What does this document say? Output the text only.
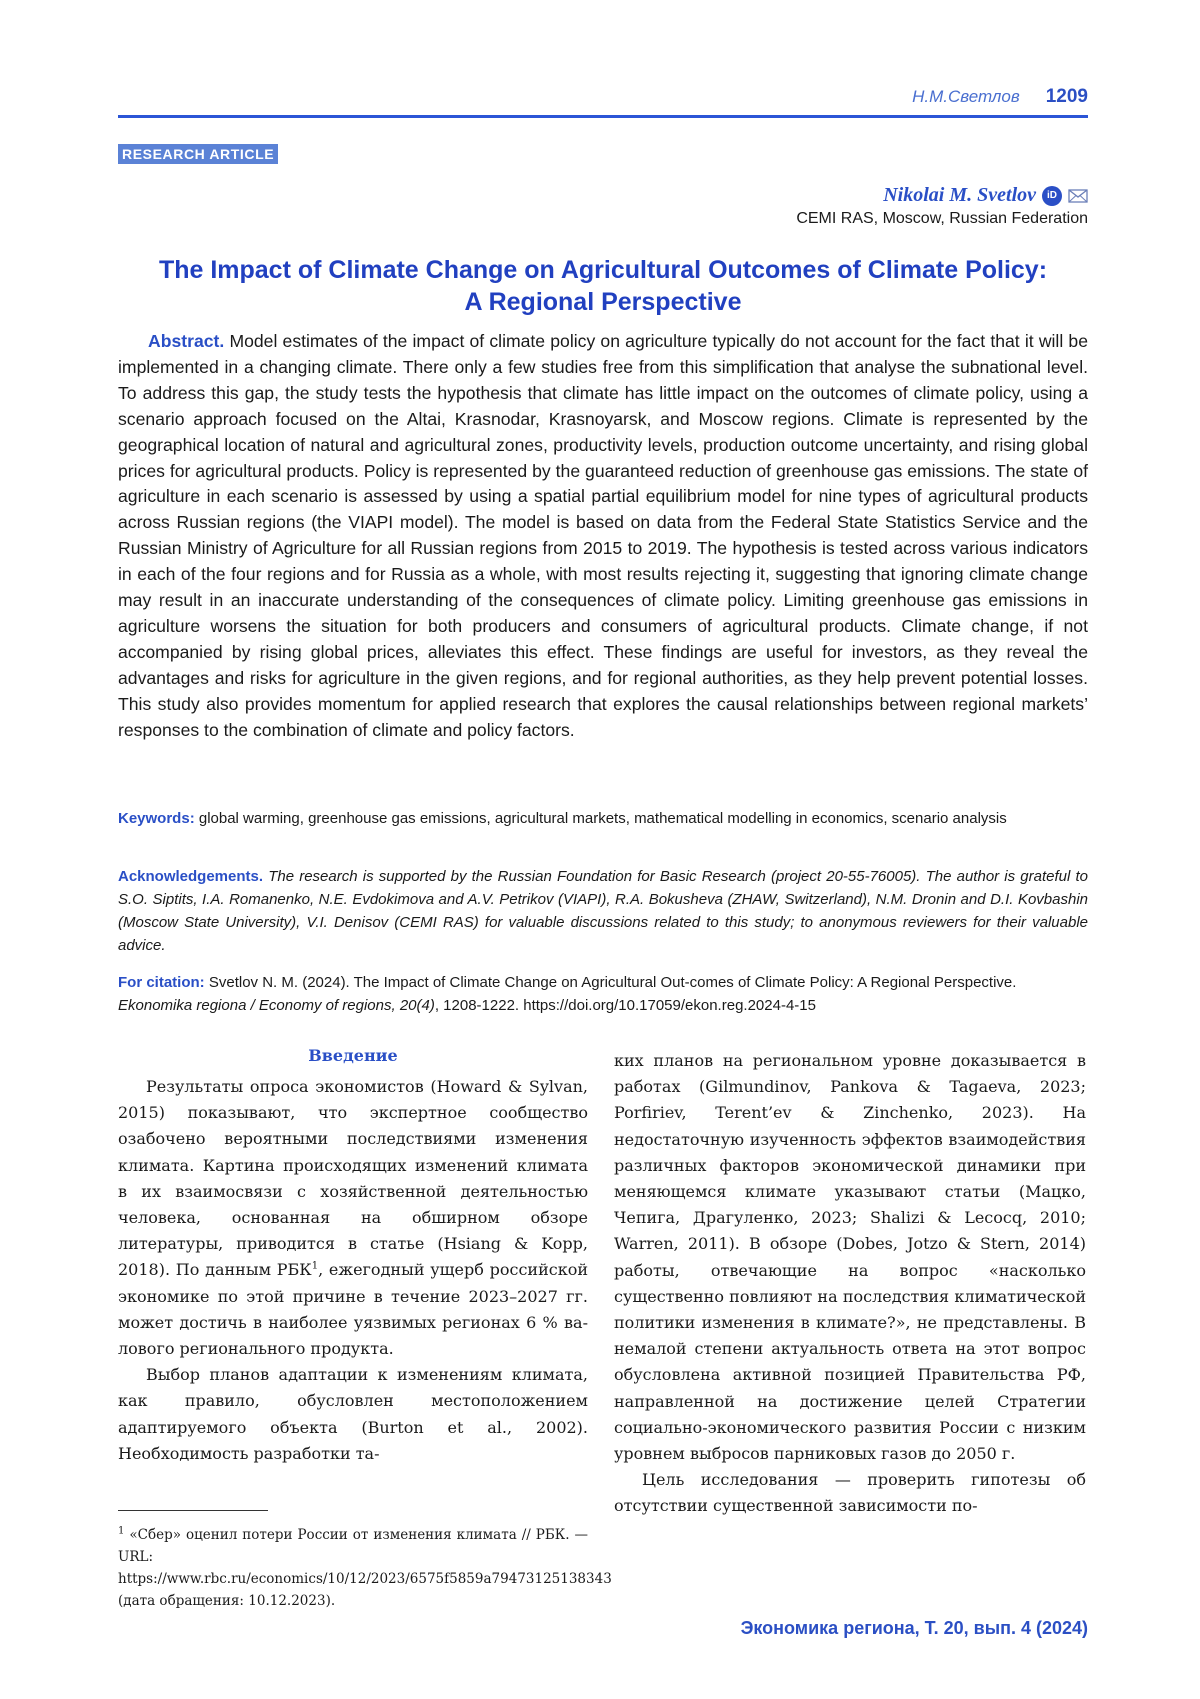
Н.М.Светлов 1209
RESEARCH ARTICLE
Nikolai M. Svetlov	iD
CEMI RAS, Moscow, Russian Federation
The Impact of Climate Change on Agricultural Outcomes of Climate Policy:
A Regional Perspective

Abstract. Model estimates of the impact of climate policy on agriculture typically do not account for the fact that it will be implemented in a changing climate. There only a few studies free from this simplification that analyse the subnational level. To address this gap, the study tests the hypothesis that climate has little impact on the outcomes of climate policy, using a scenario approach focused on the Altai, Krasnodar, Krasnoyarsk, and Moscow regions. Climate is represented by the geographical location of natural and agricultural zones, productivity levels, production outcome uncertainty, and rising global prices for agricultural products. Policy is represented by the guaranteed reduction of greenhouse gas emissions. The state of agriculture in each scenario is assessed by using a spatial partial equilibrium model for nine types of agricultural products across Russian regions (the VIAPI model). The model is based on data from the Federal State Statistics Service and the Russian Ministry of Agriculture for all Russian regions from 2015 to 2019. The hypothesis is tested across various indicators in each of the four regions and for Russia as a whole, with most results rejecting it, suggesting that ignoring climate change may result in an inaccurate understanding of the consequences of climate policy. Limiting greenhouse gas emissions in agriculture worsens the situation for both producers and consumers of agricultural products. Climate change, if not accompanied by rising global prices, alleviates this effect. These findings are useful for investors, as they reveal the advantages and risks for agriculture in the given regions, and for regional authorities, as they help prevent potential losses. This study also provides momentum for applied research that explores the causal relationships between regional markets’ responses to the combination of climate and policy factors.

Keywords: global warming, greenhouse gas emissions, agricultural markets, mathematical modelling in economics, scenario analysis

Acknowledgements. The research is supported by the Russian Foundation for Basic Research (project 20-55-76005). The author is grateful to S.O. Siptits, I.A. Romanenko, N.E. Evdokimova and A.V. Petrikov (VIAPI), R.A. Bokusheva (ZHAW, Switzerland), N.M. Dronin and D.I. Kovbashin (Moscow State University), V.I. Denisov (CEMI RAS) for valuable discussions related to this study; to anonymous reviewers for their valuable advice.

For citation: Svetlov N. M. (2024). The Impact of Climate Change on Agricultural Out-comes of Climate Policy: A Regional Perspective. Ekonomika regiona / Economy of regions, 20(4), 1208-1222. https://doi.org/10.17059/ekon.reg.2024-4-15

Введение

Результаты опроса экономистов (Howard & Sylvan, 2015) показывают, что экспертное сообщество озабочено вероятными последствиями изменения климата. Картина происходящих изменений климата в их взаимосвязи с хозяйственной деятельностью человека, основанная на обширном обзоре литературы, приводится в статье (Hsiang & Kopp, 2018). По данным РБК$^1$, ежегодный ущерб российской экономике по этой причине в течение 2023–2027 гг. может достичь в наиболее уязвимых регионах 6 % валового регионального продукта.

Выбор планов адаптации к изменениям климата, как правило, обусловлен местоположением адаптируемого объекта (Burton et al., 2002). Необходимость разработки та-

ких планов на региональном уровне доказывается в работах (Gilmundinov, Pankova & Tagaeva, 2023; Porfiriev, Terent’ev & Zinchenko, 2023). На недостаточную изученность эффектов взаимодействия различных факторов экономической динамики при меняющемся климате указывают статьи (Мацко, Чепига, Драгуленко, 2023; Shalizi & Lecocq, 2010; Warren, 2011). В обзоре (Dobes, Jotzo & Stern, 2014) работы, отвечающие на вопрос «насколько существенно повлияют на последствия климатической политики изменения в климате?», не представлены. В немалой степени актуальность ответа на этот вопрос обусловлена активной позицией Правительства РФ, направленной на достижение целей Стратегии социально-экономического развития России с низким уровнем выбросов парниковых газов до 2050 г.

Цель исследования — проверить гипотезы об отсутствии существенной зависимости по-

$^1$ «Сбер» оценил потери России от изменения климата // РБК. — URL: https://www.rbc.ru/economics/10/12/2023/6575f5859a79473125138343 (дата обращения: 10.12.2023).

Экономика региона, Т. 20, вып. 4 (2024)
